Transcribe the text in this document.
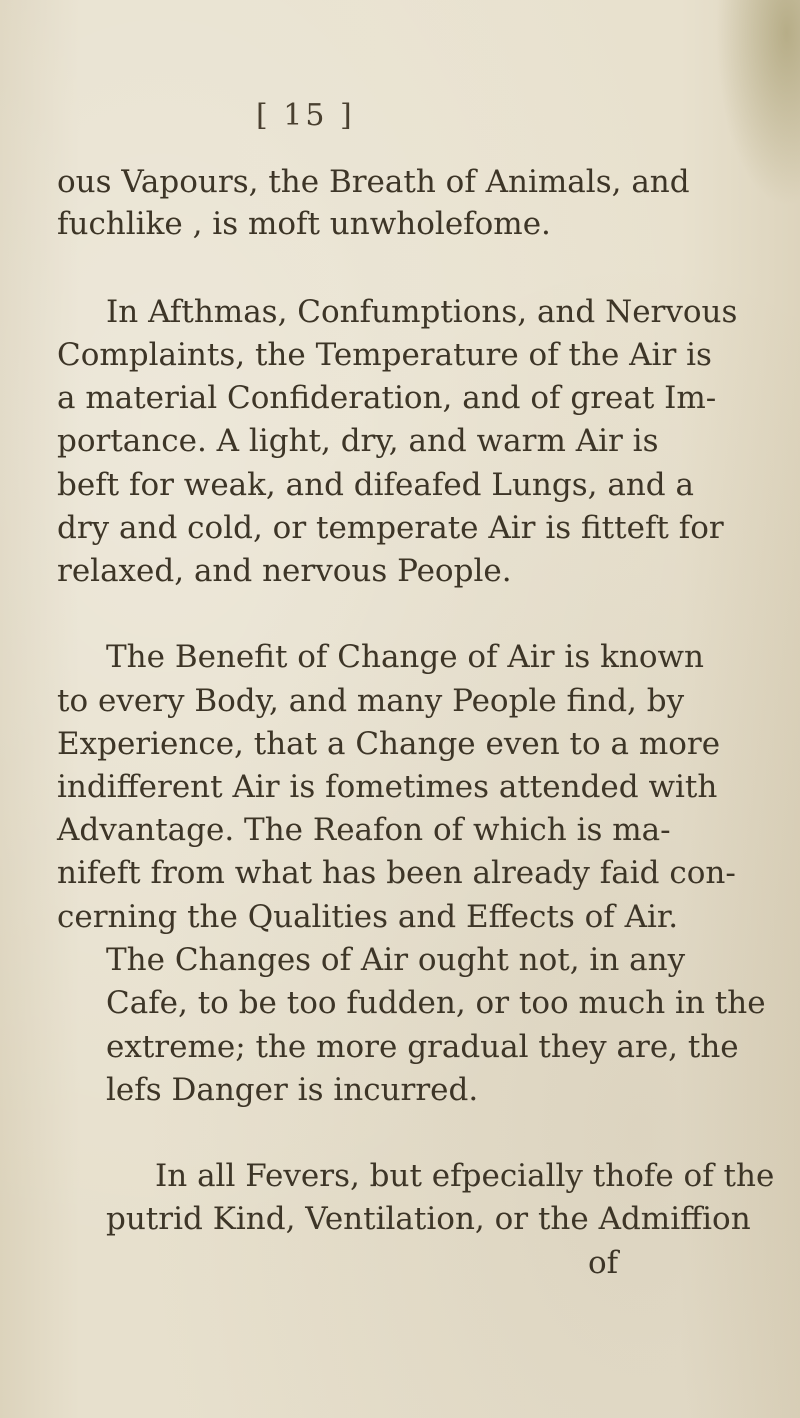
[ 15 ]
ous Vapours, the Breath of Animals, and
fuchlike , is moft unwholefome.
In Afthmas, Confumptions, and Nervous
Complaints, the Temperature of the Air is
a material Confideration, and of great Im-
portance. A light, dry, and warm Air is
beft for weak, and difeafed Lungs, and a
dry and cold, or temperate Air is fitteft for
relaxed, and nervous People.
The Benefit of Change of Air is known
to every Body, and many People find, by
Experience, that a Change even to a more
indifferent Air is fometimes attended with
Advantage. The Reafon of which is ma-
nifeft from what has been already faid con-
cerning the Qualities and Effects of Air.
The Changes of Air ought not, in any
Cafe, to be too fudden, or too much in the
extreme; the more gradual they are, the
lefs Danger is incurred.
In all Fevers, but efpecially thofe of the
putrid Kind, Ventilation, or the Admiffion
of
